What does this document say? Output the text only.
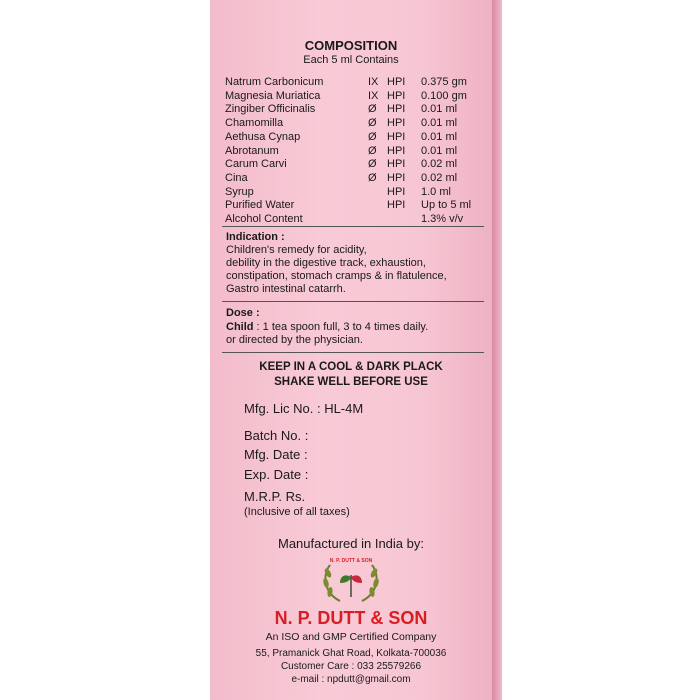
COMPOSITION
Each 5 ml Contains
Natrum Carbonicum	IX HPI 0.375 gm
Magnesia Muriatica	IX HPI 0.100 gm
Zingiber Officinalis	Ø HPI 0.01 ml
Chamomilla	Ø HPI 0.01 ml
Aethusa Cynap	Ø HPI 0.01 ml
Abrotanum	Ø HPI 0.01 ml
Carum Carvi	Ø HPI 0.02 ml
Cina	Ø HPI 0.02 ml
Syrup	HPI 1.0 ml
Purified Water	HPI Up to 5 ml
Alcohol Content	1.3% v/v
Indication :
Children's remedy for acidity,
debility in the digestive track, exhaustion,
constipation, stomach cramps & in flatulence,
Gastro intestinal catarrh.
Dose :
Child : 1 tea spoon full, 3 to 4 times daily.
or directed by the physician.
KEEP IN A COOL & DARK PLACK
SHAKE WELL BEFORE USE
Mfg. Lic No. : HL-4M
Batch No. :
Mfg. Date :
Exp. Date :
M.R.P. Rs.
(Inclusive of all taxes)
Manufactured in India by:
N. P. DUTT & SON
N. P. DUTT & SON
An ISO and GMP Certified Company
55, Pramanick Ghat Road, Kolkata-700036
Customer Care : 033 25579266
e-mail : npdutt@gmail.com
